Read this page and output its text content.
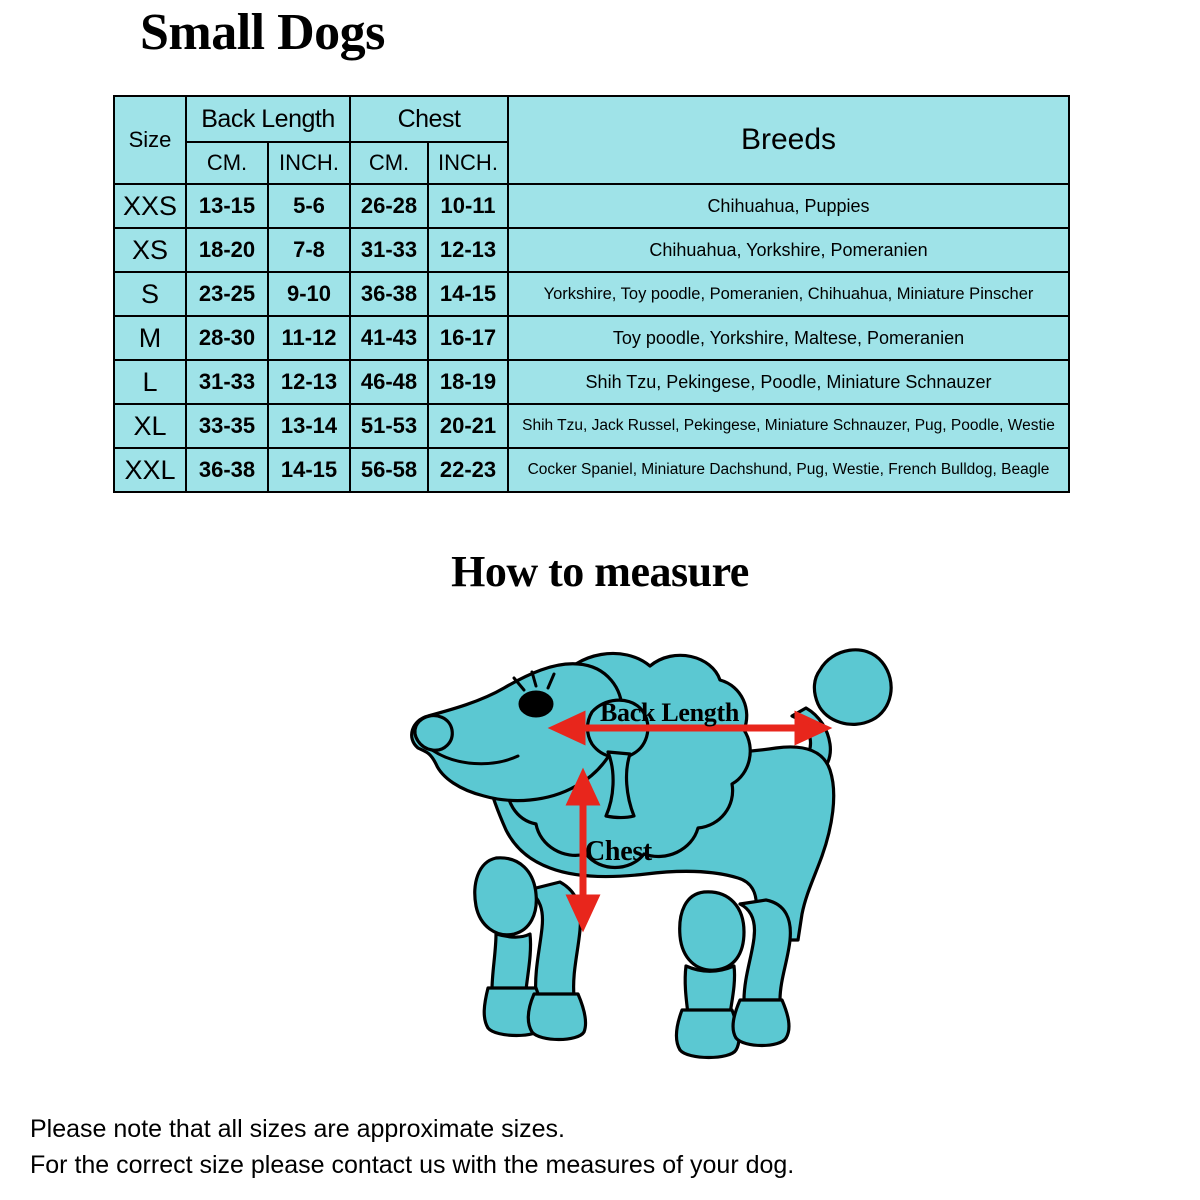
Small Dogs
Size	Back Length		Chest		Breeds
	CM.	INCH.	CM.	INCH.	
XXS	13-15	5-6	26-28	10-11	Chihuahua, Puppies
XS	18-20	7-8	31-33	12-13	Chihuahua, Yorkshire, Pomeranien
S	23-25	9-10	36-38	14-15	Yorkshire, Toy poodle, Pomeranien, Chihuahua, Miniature Pinscher
M	28-30	11-12	41-43	16-17	Toy poodle, Yorkshire, Maltese, Pomeranien
L	31-33	12-13	46-48	18-19	Shih Tzu, Pekingese, Poodle, Miniature Schnauzer
XL	33-35	13-14	51-53	20-21	Shih Tzu, Jack Russel, Pekingese, Miniature Schnauzer, Pug, Poodle, Westie
XXL	36-38	14-15	56-58	22-23	Cocker Spaniel, Miniature Dachshund, Pug, Westie, French Bulldog, Beagle
How to measure
Back Length
Chest
Please note that all sizes are approximate sizes.
For the correct size please contact us with the measures of your dog.
